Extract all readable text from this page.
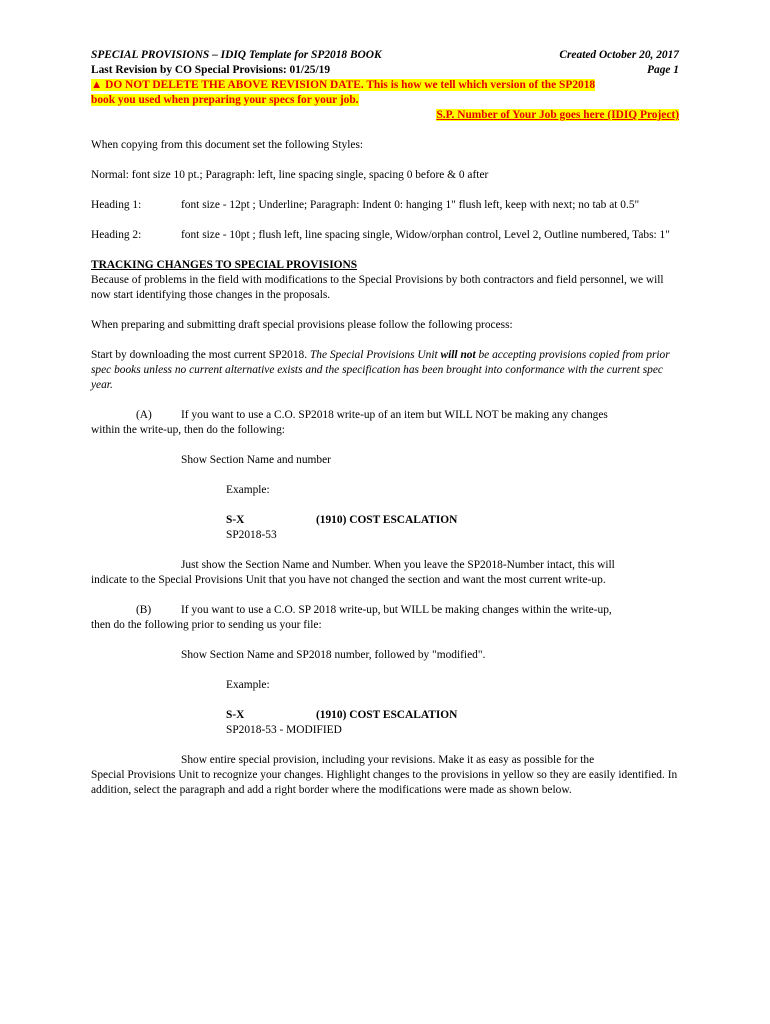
SPECIAL PROVISIONS – IDIQ Template for SP2018 BOOK	Created October 20, 2017
Last Revision by CO Special Provisions: 01/25/19	Page 1
▲ DO NOT DELETE THE ABOVE REVISION DATE. This is how we tell which version of the SP2018
book you used when preparing your specs for your job.
S.P. Number of Your Job goes here (IDIQ Project)

When copying from this document set the following Styles:

Normal: font size 10 pt.; Paragraph: left, line spacing single, spacing 0 before & 0 after

Heading 1:	font size - 12pt ; Underline; Paragraph: Indent 0: hanging 1" flush left, keep with next; no tab at 0.5"
Heading 2:	font size - 10pt ; flush left, line spacing single, Widow/orphan control, Level 2, Outline numbered, Tabs: 1"

TRACKING CHANGES TO SPECIAL PROVISIONS

Because of problems in the field with modifications to the Special Provisions by both contractors and field personnel, we will now start identifying those changes in the proposals.

When preparing and submitting draft special provisions please follow the following process:

Start by downloading the most current SP2018. The Special Provisions Unit will not be accepting provisions copied from prior spec books unless no current alternative exists and the specification has been brought into conformance with the current spec year.

(A)	If you want to use a C.O. SP2018 write-up of an item but WILL NOT be making any changes

within the write-up, then do the following:

Show Section Name and number

Example:

S-X	(1910) COST ESCALATION

SP2018-53

Just show the Section Name and Number. When you leave the SP2018-Number intact, this will

indicate to the Special Provisions Unit that you have not changed the section and want the most current write-up.

(B)	If you want to use a C.O. SP 2018 write-up, but WILL be making changes within the write-up,

then do the following prior to sending us your file:

Show Section Name and SP2018 number, followed by "modified".

Example:

S-X	(1910) COST ESCALATION

SP2018-53 - MODIFIED

Show entire special provision, including your revisions. Make it as easy as possible for the

Special Provisions Unit to recognize your changes. Highlight changes to the provisions in yellow so they are easily identified. In addition, select the paragraph and add a right border where the modifications were made as shown below.
